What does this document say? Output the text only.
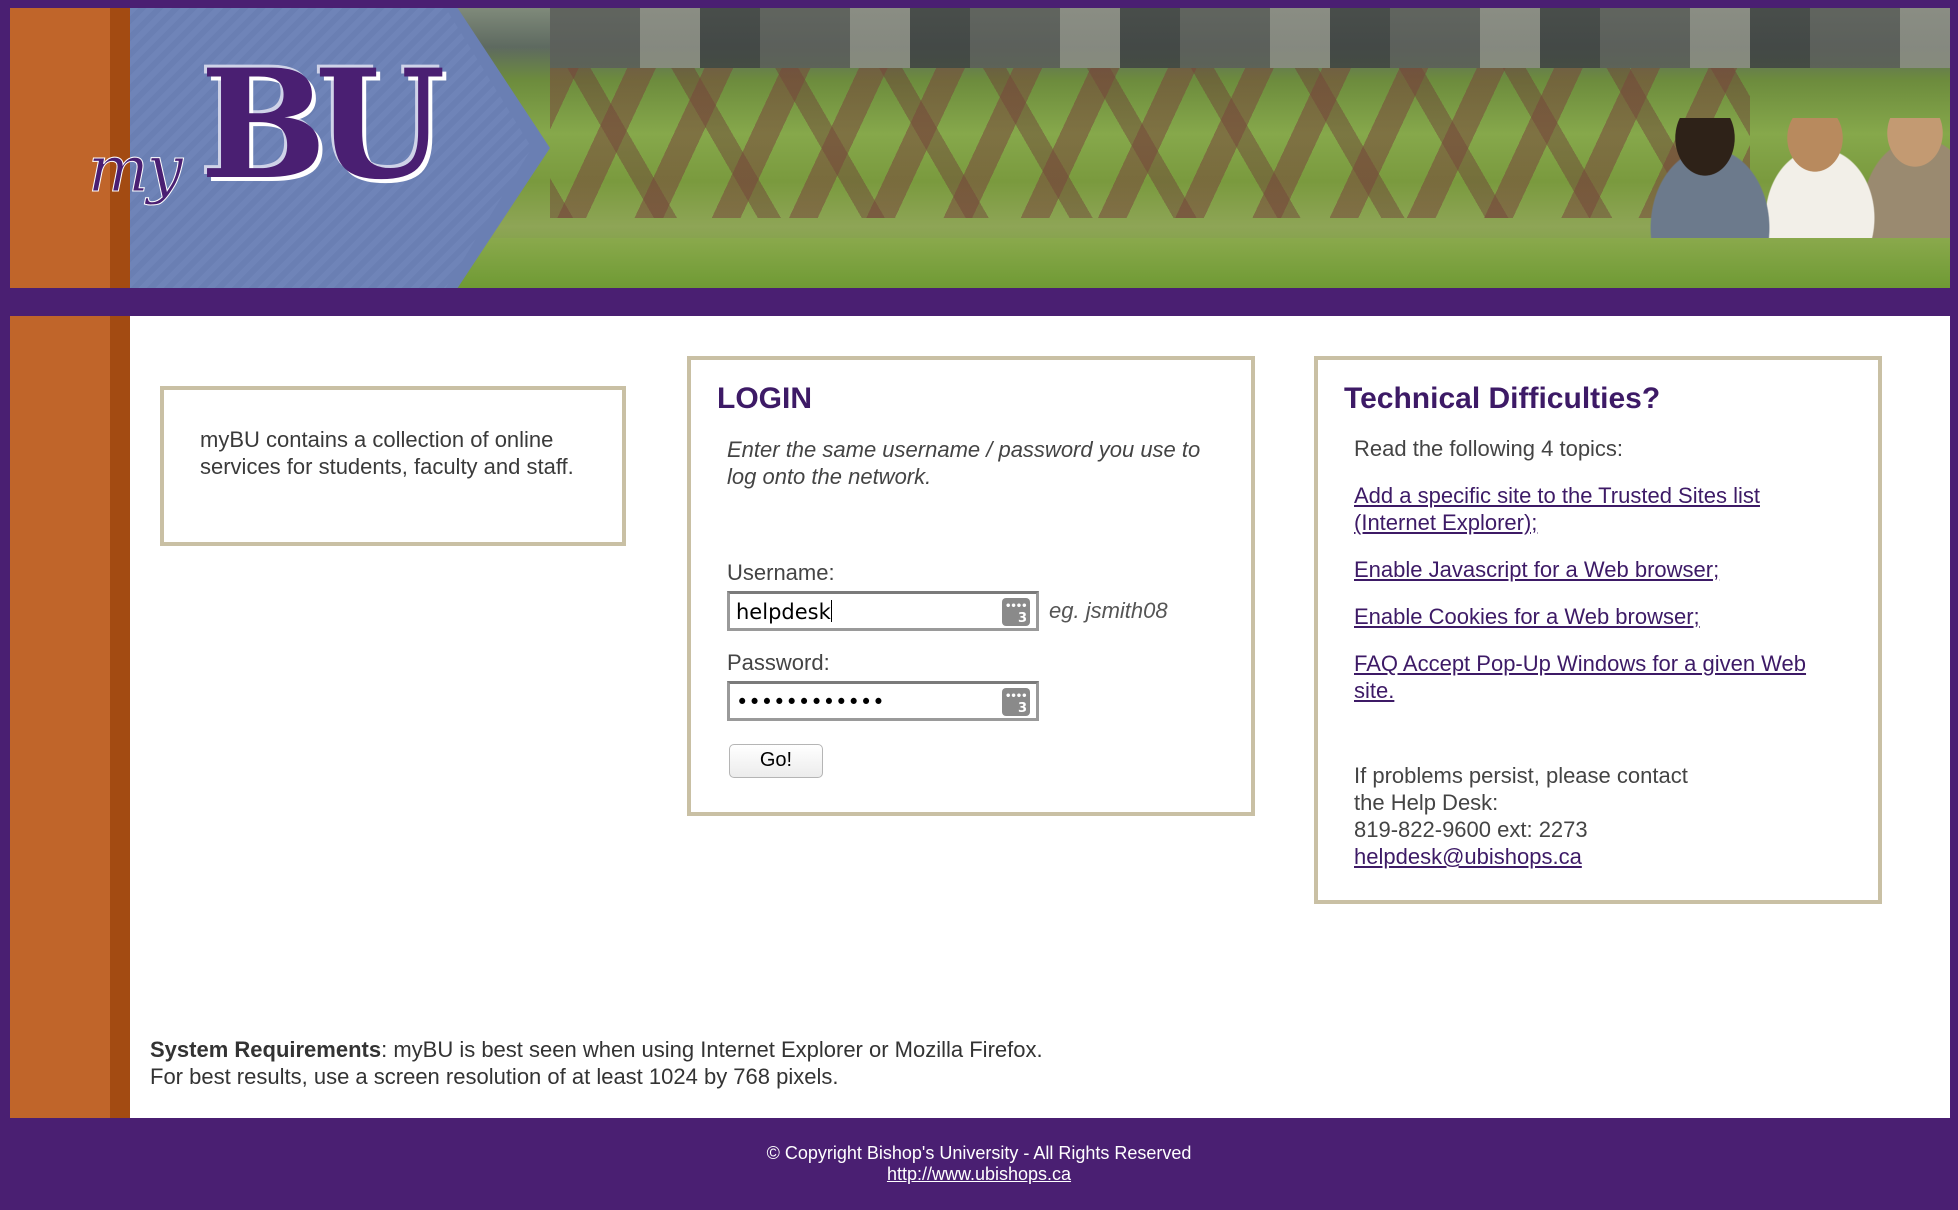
my BU

myBU contains a collection of online services for students, faculty and staff.

LOGIN
Enter the same username / password you use to log onto the network.
Username:
helpdesk	•••• 3 eg. jsmith08
Password:
••••••••••••	•••• 3
Go!
Technical Difficulties?
Read the following 4 topics:
Add a specific site to the Trusted Sites list (Internet Explorer);
Enable Javascript for a Web browser;
Enable Cookies for a Web browser;
FAQ Accept Pop-Up Windows for a given Web site.
If problems persist, please contact
the Help Desk:
819-822-9600 ext: 2273
helpdesk@ubishops.ca
System Requirements: myBU is best seen when using Internet Explorer or Mozilla Firefox.
For best results, use a screen resolution of at least 1024 by 768 pixels.
© Copyright Bishop's University - All Rights Reserved
http://www.ubishops.ca
